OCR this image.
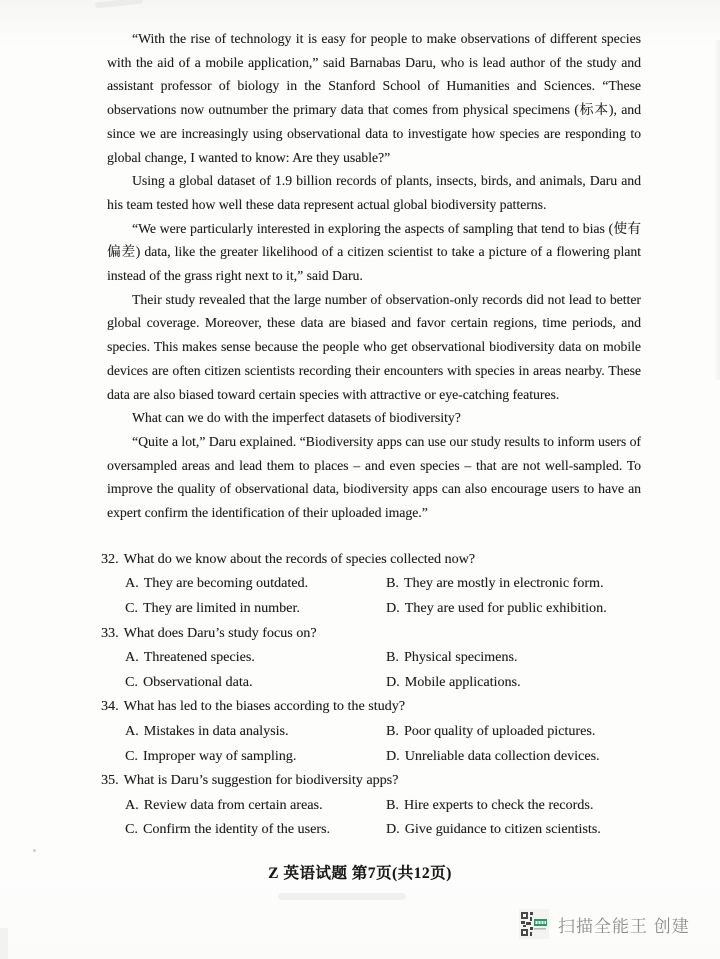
“With the rise of technology it is easy for people to make observations of different species with the aid of a mobile application,” said Barnabas Daru, who is lead author of the study and assistant professor of biology in the Stanford School of Humanities and Sciences. “These observations now outnumber the primary data that comes from physical specimens (标本), and since we are increasingly using observational data to investigate how species are responding to global change, I wanted to know: Are they usable?”

Using a global dataset of 1.9 billion records of plants, insects, birds, and animals, Daru and his team tested how well these data represent actual global biodiversity patterns.

“We were particularly interested in exploring the aspects of sampling that tend to bias (使有偏差) data, like the greater likelihood of a citizen scientist to take a picture of a flowering plant instead of the grass right next to it,” said Daru.

Their study revealed that the large number of observation-only records did not lead to better global coverage. Moreover, these data are biased and favor certain regions, time periods, and species. This makes sense because the people who get observational biodiversity data on mobile devices are often citizen scientists recording their encounters with species in areas nearby. These data are also biased toward certain species with attractive or eye-catching features.

What can we do with the imperfect datasets of biodiversity?

“Quite a lot,” Daru explained. “Biodiversity apps can use our study results to inform users of oversampled areas and lead them to places – and even species – that are not well-sampled. To improve the quality of observational data, biodiversity apps can also encourage users to have an expert confirm the identification of their uploaded image.”

32. What do we know about the records of species collected now?
A. They are becoming outdated.	B. They are mostly in electronic form.
C. They are limited in number.	D. They are used for public exhibition.
33. What does Daru’s study focus on?
A. Threatened species.	B. Physical specimens.
C. Observational data.	D. Mobile applications.
34. What has led to the biases according to the study?
A. Mistakes in data analysis.	B. Poor quality of uploaded pictures.
C. Improper way of sampling.	D. Unreliable data collection devices.
35. What is Daru’s suggestion for biodiversity apps?
A. Review data from certain areas.	B. Hire experts to check the records.
C. Confirm the identity of the users.	D. Give guidance to citizen scientists.
Z 英语试题 第7页(共12页)
扫描全能王 创建
